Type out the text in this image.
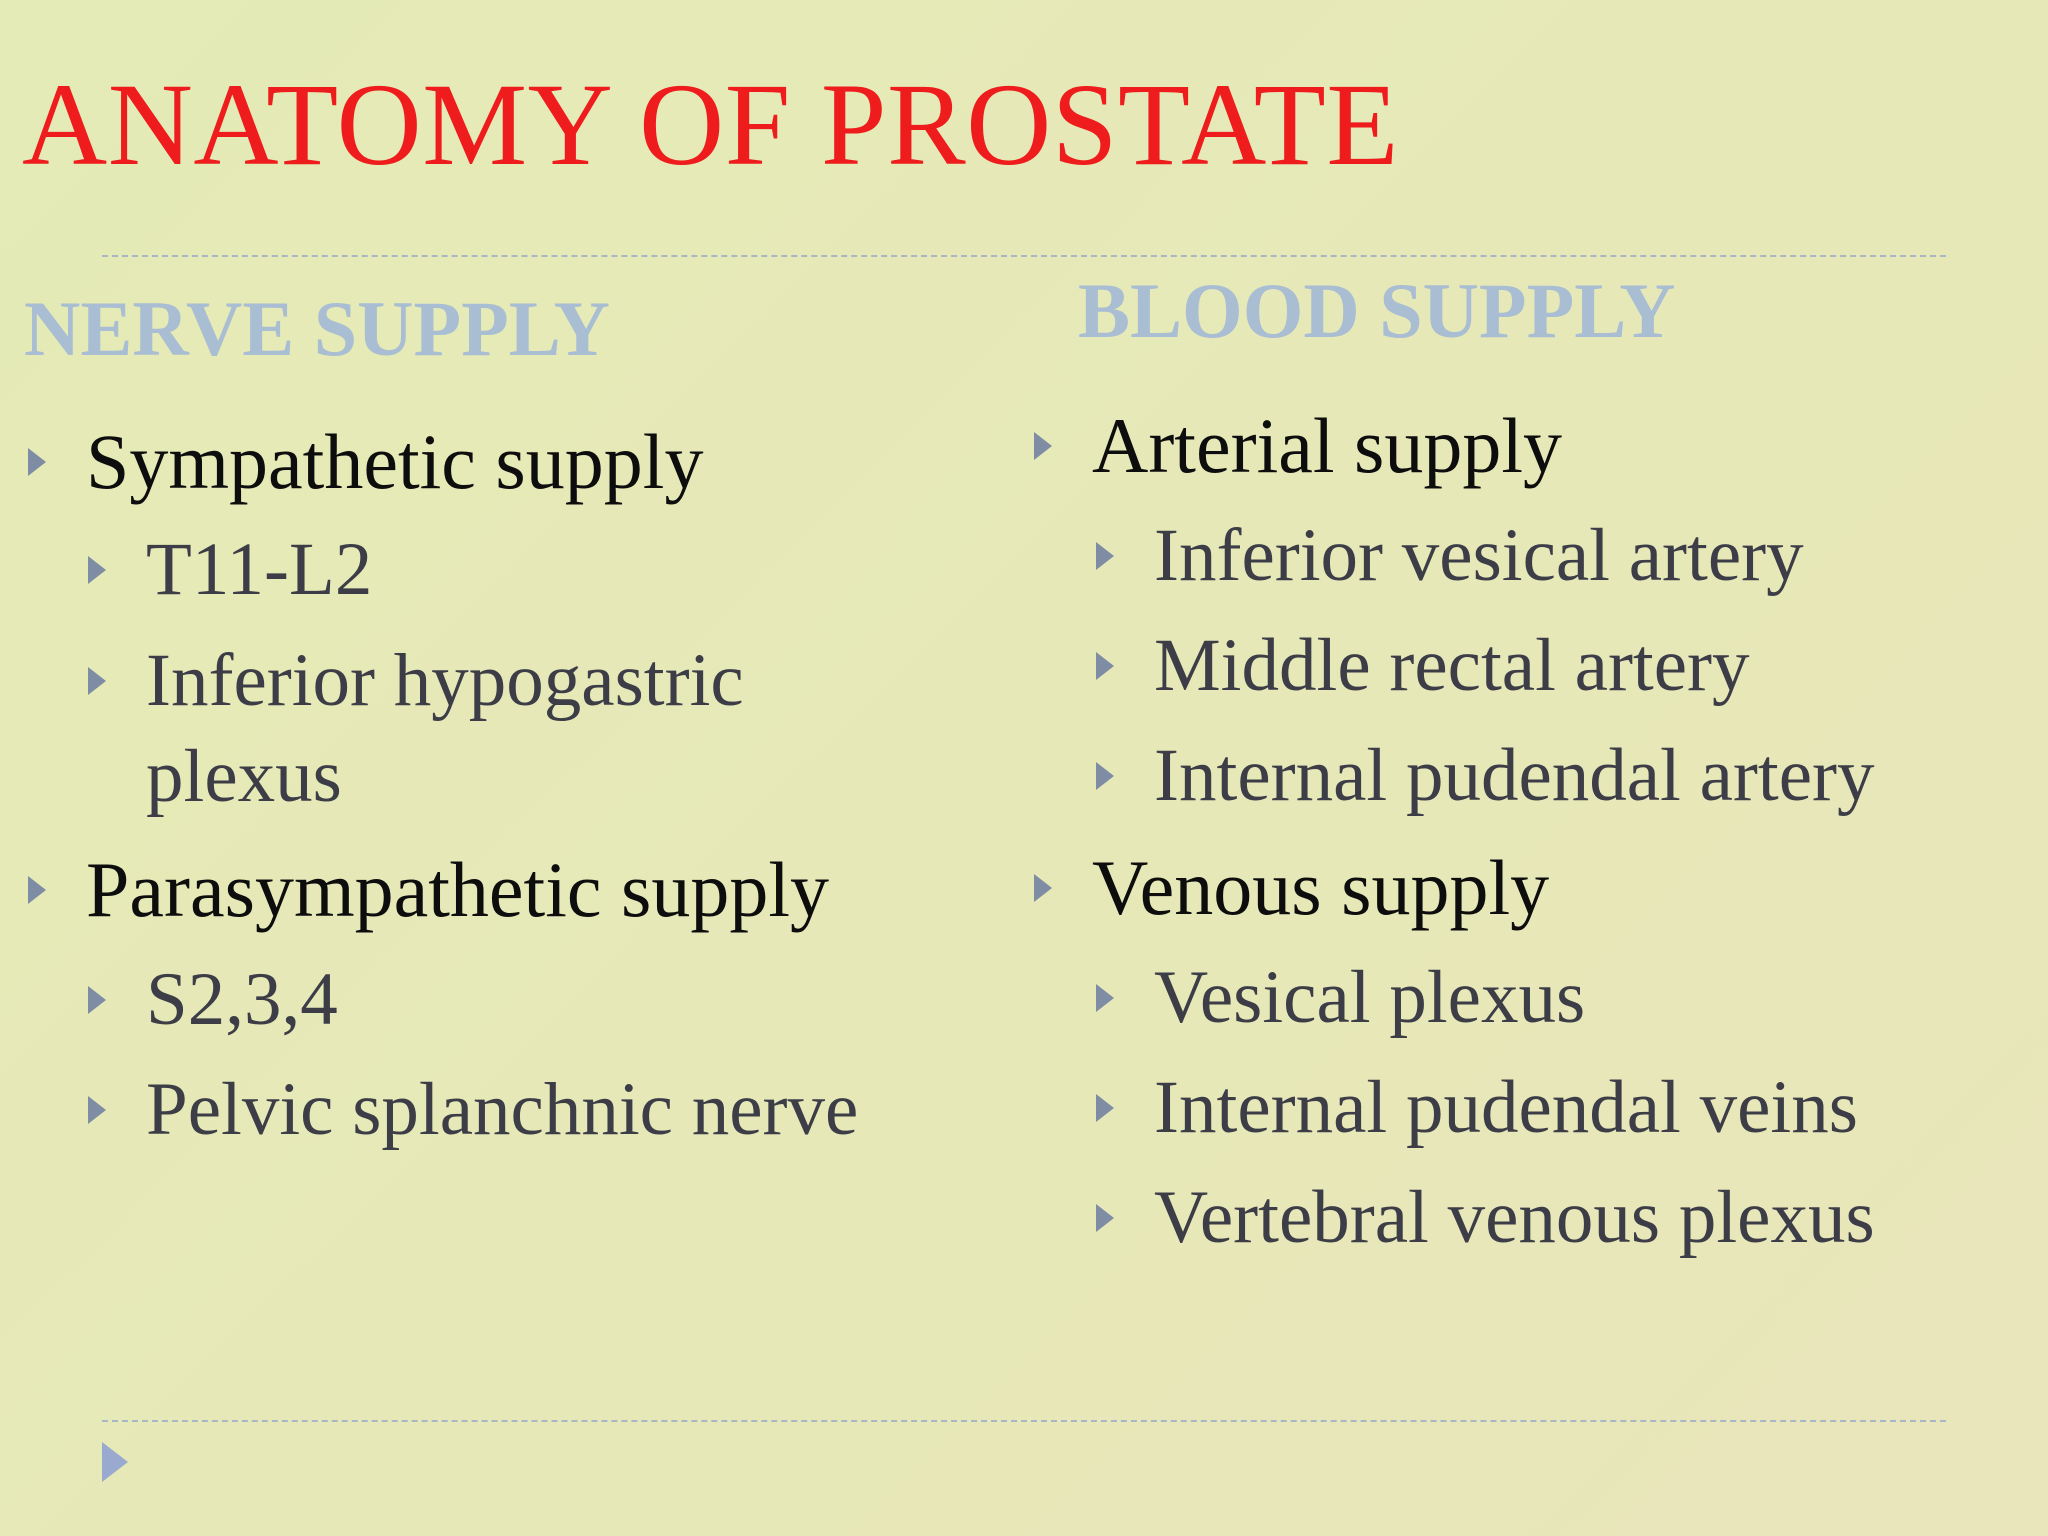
ANATOMY OF PROSTATE
NERVE SUPPLY
Sympathetic supply
T11-L2
Inferior hypogastric
plexus
Parasympathetic supply
S2,3,4
Pelvic splanchnic nerve
BLOOD SUPPLY
Arterial supply
Inferior vesical artery
Middle rectal artery
Internal pudendal artery
Venous supply
Vesical plexus
Internal pudendal veins
Vertebral venous plexus
